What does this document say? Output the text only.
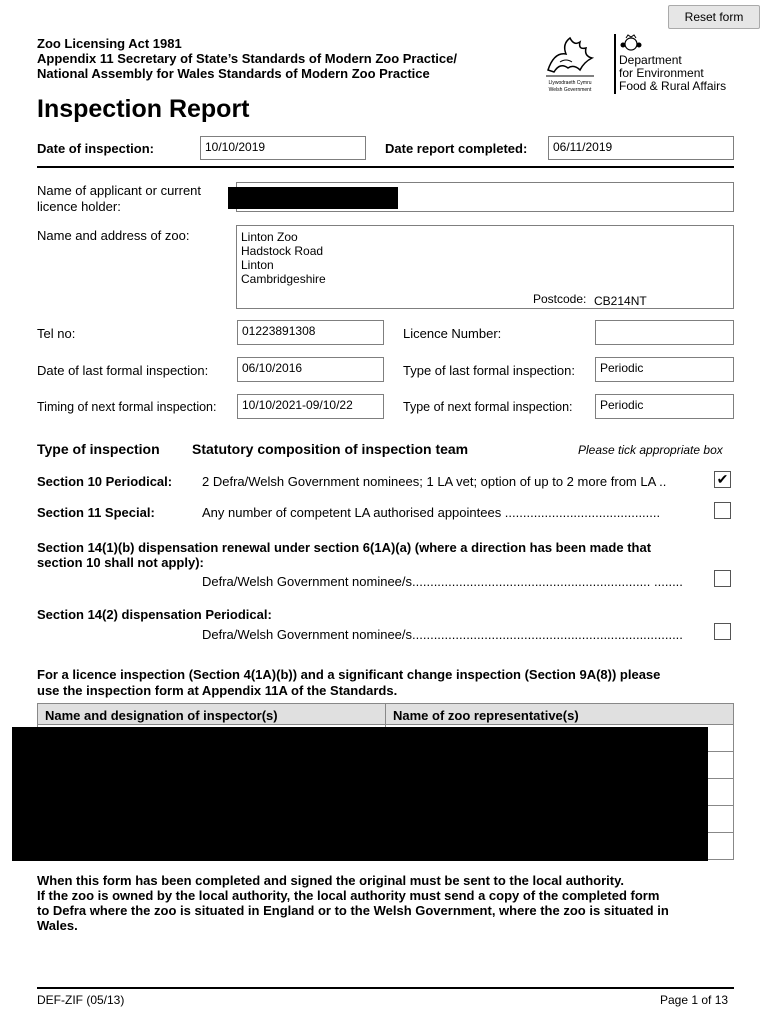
Reset form
Zoo Licensing Act 1981
Appendix 11 Secretary of State’s Standards of Modern Zoo Practice/
National Assembly for Wales Standards of Modern Zoo Practice
Llywodraeth Cymru
Welsh Government
Department
for Environment
Food & Rural Affairs
Inspection Report
Date of inspection:	10/10/2019	Date report completed:	06/11/2019
Name of applicant or current
licence holder:
Name and address of zoo:	Linton Zoo
Hadstock Road
Linton
Cambridgeshire
Postcode: CB214NT
Tel no:	01223891308	Licence Number:
Date of last formal inspection:	06/10/2016	Type of last formal inspection:	Periodic
Timing of next formal inspection:	10/10/2021-09/10/22	Type of next formal inspection:	Periodic
Type of inspection Statutory composition of inspection team	Please tick appropriate box
Section 10 Periodical: 2 Defra/Welsh Government nominees; 1 LA vet; option of up to 2 more from LA ..	✔
Section 11 Special:	Any number of competent LA authorised appointees ...........................................
Section 14(1)(b) dispensation renewal under section 6(1A)(a) (where a direction has been made that
section 10 shall not apply):
Defra/Welsh Government nominee/s.................................................................. ........
Section 14(2) dispensation Periodical:
Defra/Welsh Government nominee/s...........................................................................
For a licence inspection (Section 4(1A)(b)) and a significant change inspection (Section 9A(8)) please
use the inspection form at Appendix 11A of the Standards.
Name and designation of inspector(s)	Name of zoo representative(s)
When this form has been completed and signed the original must be sent to the local authority.
If the zoo is owned by the local authority, the local authority must send a copy of the completed form
to Defra where the zoo is situated in England or to the Welsh Government, where the zoo is situated in
Wales.
DEF-ZIF (05/13)	Page 1 of 13
